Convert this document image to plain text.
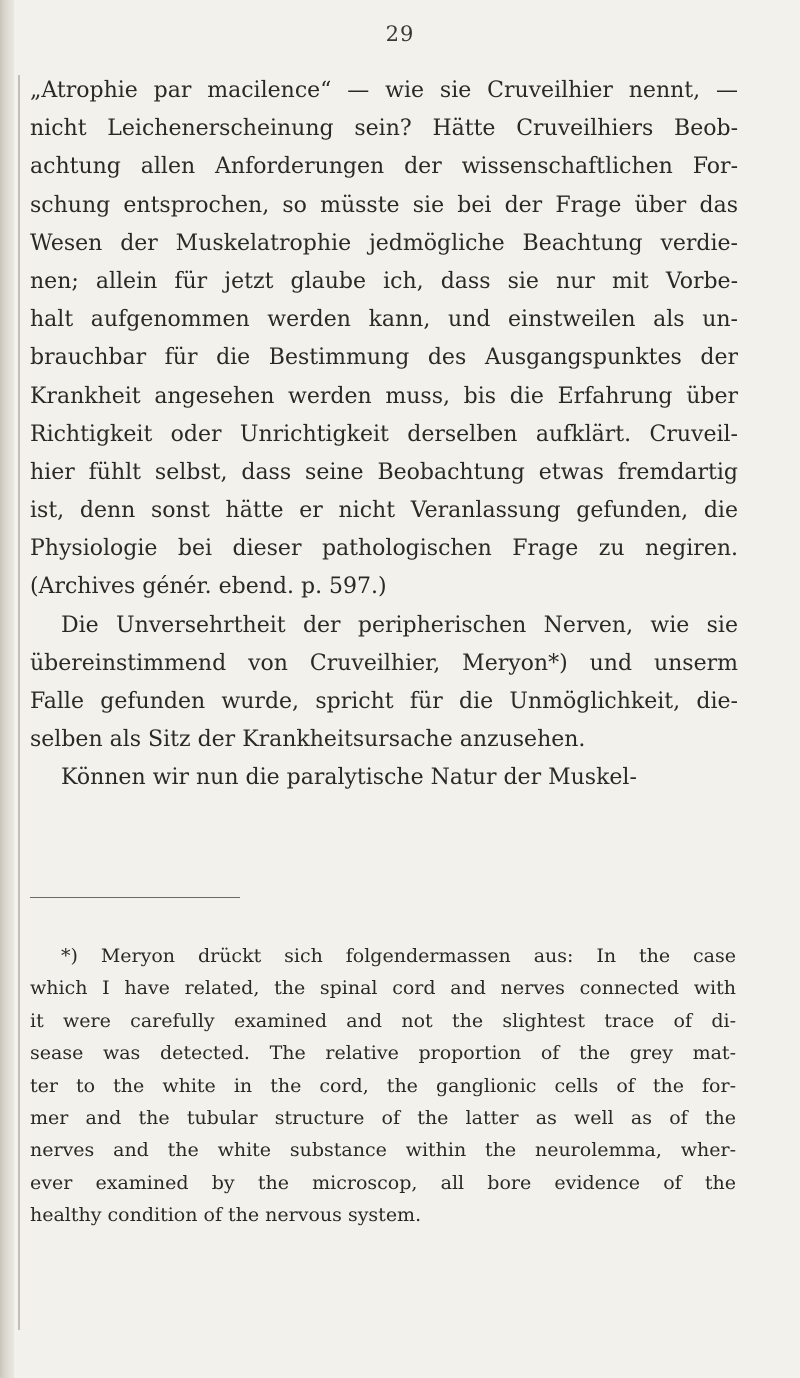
29
„Atrophie par macilence“ — wie sie Cruveilhier nennt, —
nicht Leichenerscheinung sein? Hätte Cruveilhiers Beob-
achtung allen Anforderungen der wissenschaftlichen For-
schung entsprochen, so müsste sie bei der Frage über das
Wesen der Muskelatrophie jedmögliche Beachtung verdie-
nen; allein für jetzt glaube ich, dass sie nur mit Vorbe-
halt aufgenommen werden kann, und einstweilen als un-
brauchbar für die Bestimmung des Ausgangspunktes der
Krankheit angesehen werden muss, bis die Erfahrung über
Richtigkeit oder Unrichtigkeit derselben aufklärt. Cruveil-
hier fühlt selbst, dass seine Beobachtung etwas fremdartig
ist, denn sonst hätte er nicht Veranlassung gefunden, die
Physiologie bei dieser pathologischen Frage zu negiren.
(Archives génér. ebend. p. 597.)
Die Unversehrtheit der peripherischen Nerven, wie sie
übereinstimmend von Cruveilhier, Meryon*) und unserm
Falle gefunden wurde, spricht für die Unmöglichkeit, die-
selben als Sitz der Krankheitsursache anzusehen.
Können wir nun die paralytische Natur der Muskel-
*) Meryon drückt sich folgendermassen aus: In the case
which I have related, the spinal cord and nerves connected with
it were carefully examined and not the slightest trace of di-
sease was detected. The relative proportion of the grey mat-
ter to the white in the cord, the ganglionic cells of the for-
mer and the tubular structure of the latter as well as of the
nerves and the white substance within the neurolemma, wher-
ever examined by the microscop, all bore evidence of the
healthy condition of the nervous system.
